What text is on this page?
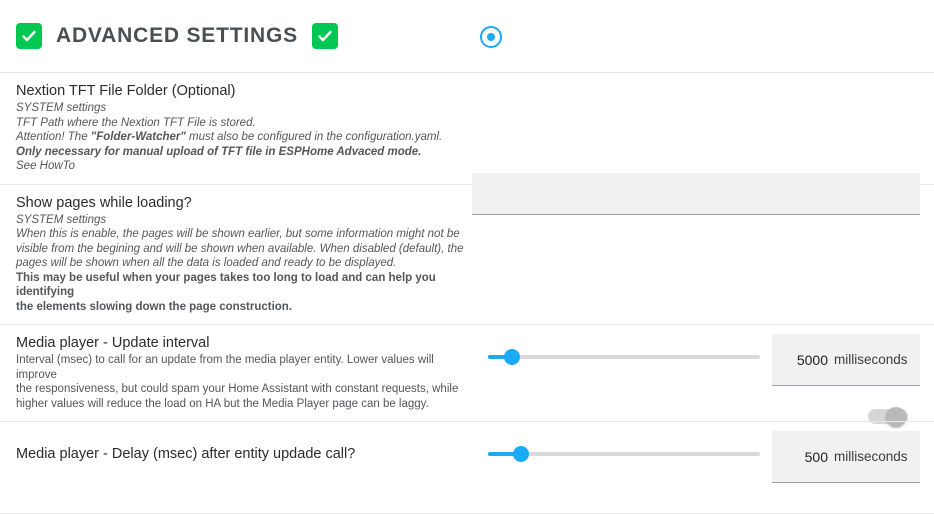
ADVANCED SETTINGS
Nextion TFT File Folder (Optional)
SYSTEM settings
TFT Path where the Nextion TFT File is stored.
Attention! The "Folder-Watcher" must also be configured in the configuration.yaml.
Only necessary for manual upload of TFT file in ESPHome Advaced mode.
See HowTo
Show pages while loading?
SYSTEM settings
When this is enable, the pages will be shown earlier, but some information might not be
visible from the begining and will be shown when available. When disabled (default), the
pages will be shown when all the data is loaded and ready to be displayed.
This may be useful when your pages takes too long to load and can help you identifying
the elements slowing down the page construction.
Media player - Update interval
Interval (msec) to call for an update from the media player entity. Lower values will improve
the responsiveness, but could spam your Home Assistant with constant requests, while
higher values will reduce the load on HA but the Media Player page can be laggy.
5000 milliseconds
Media player - Delay (msec) after entity updade call?	500 milliseconds
